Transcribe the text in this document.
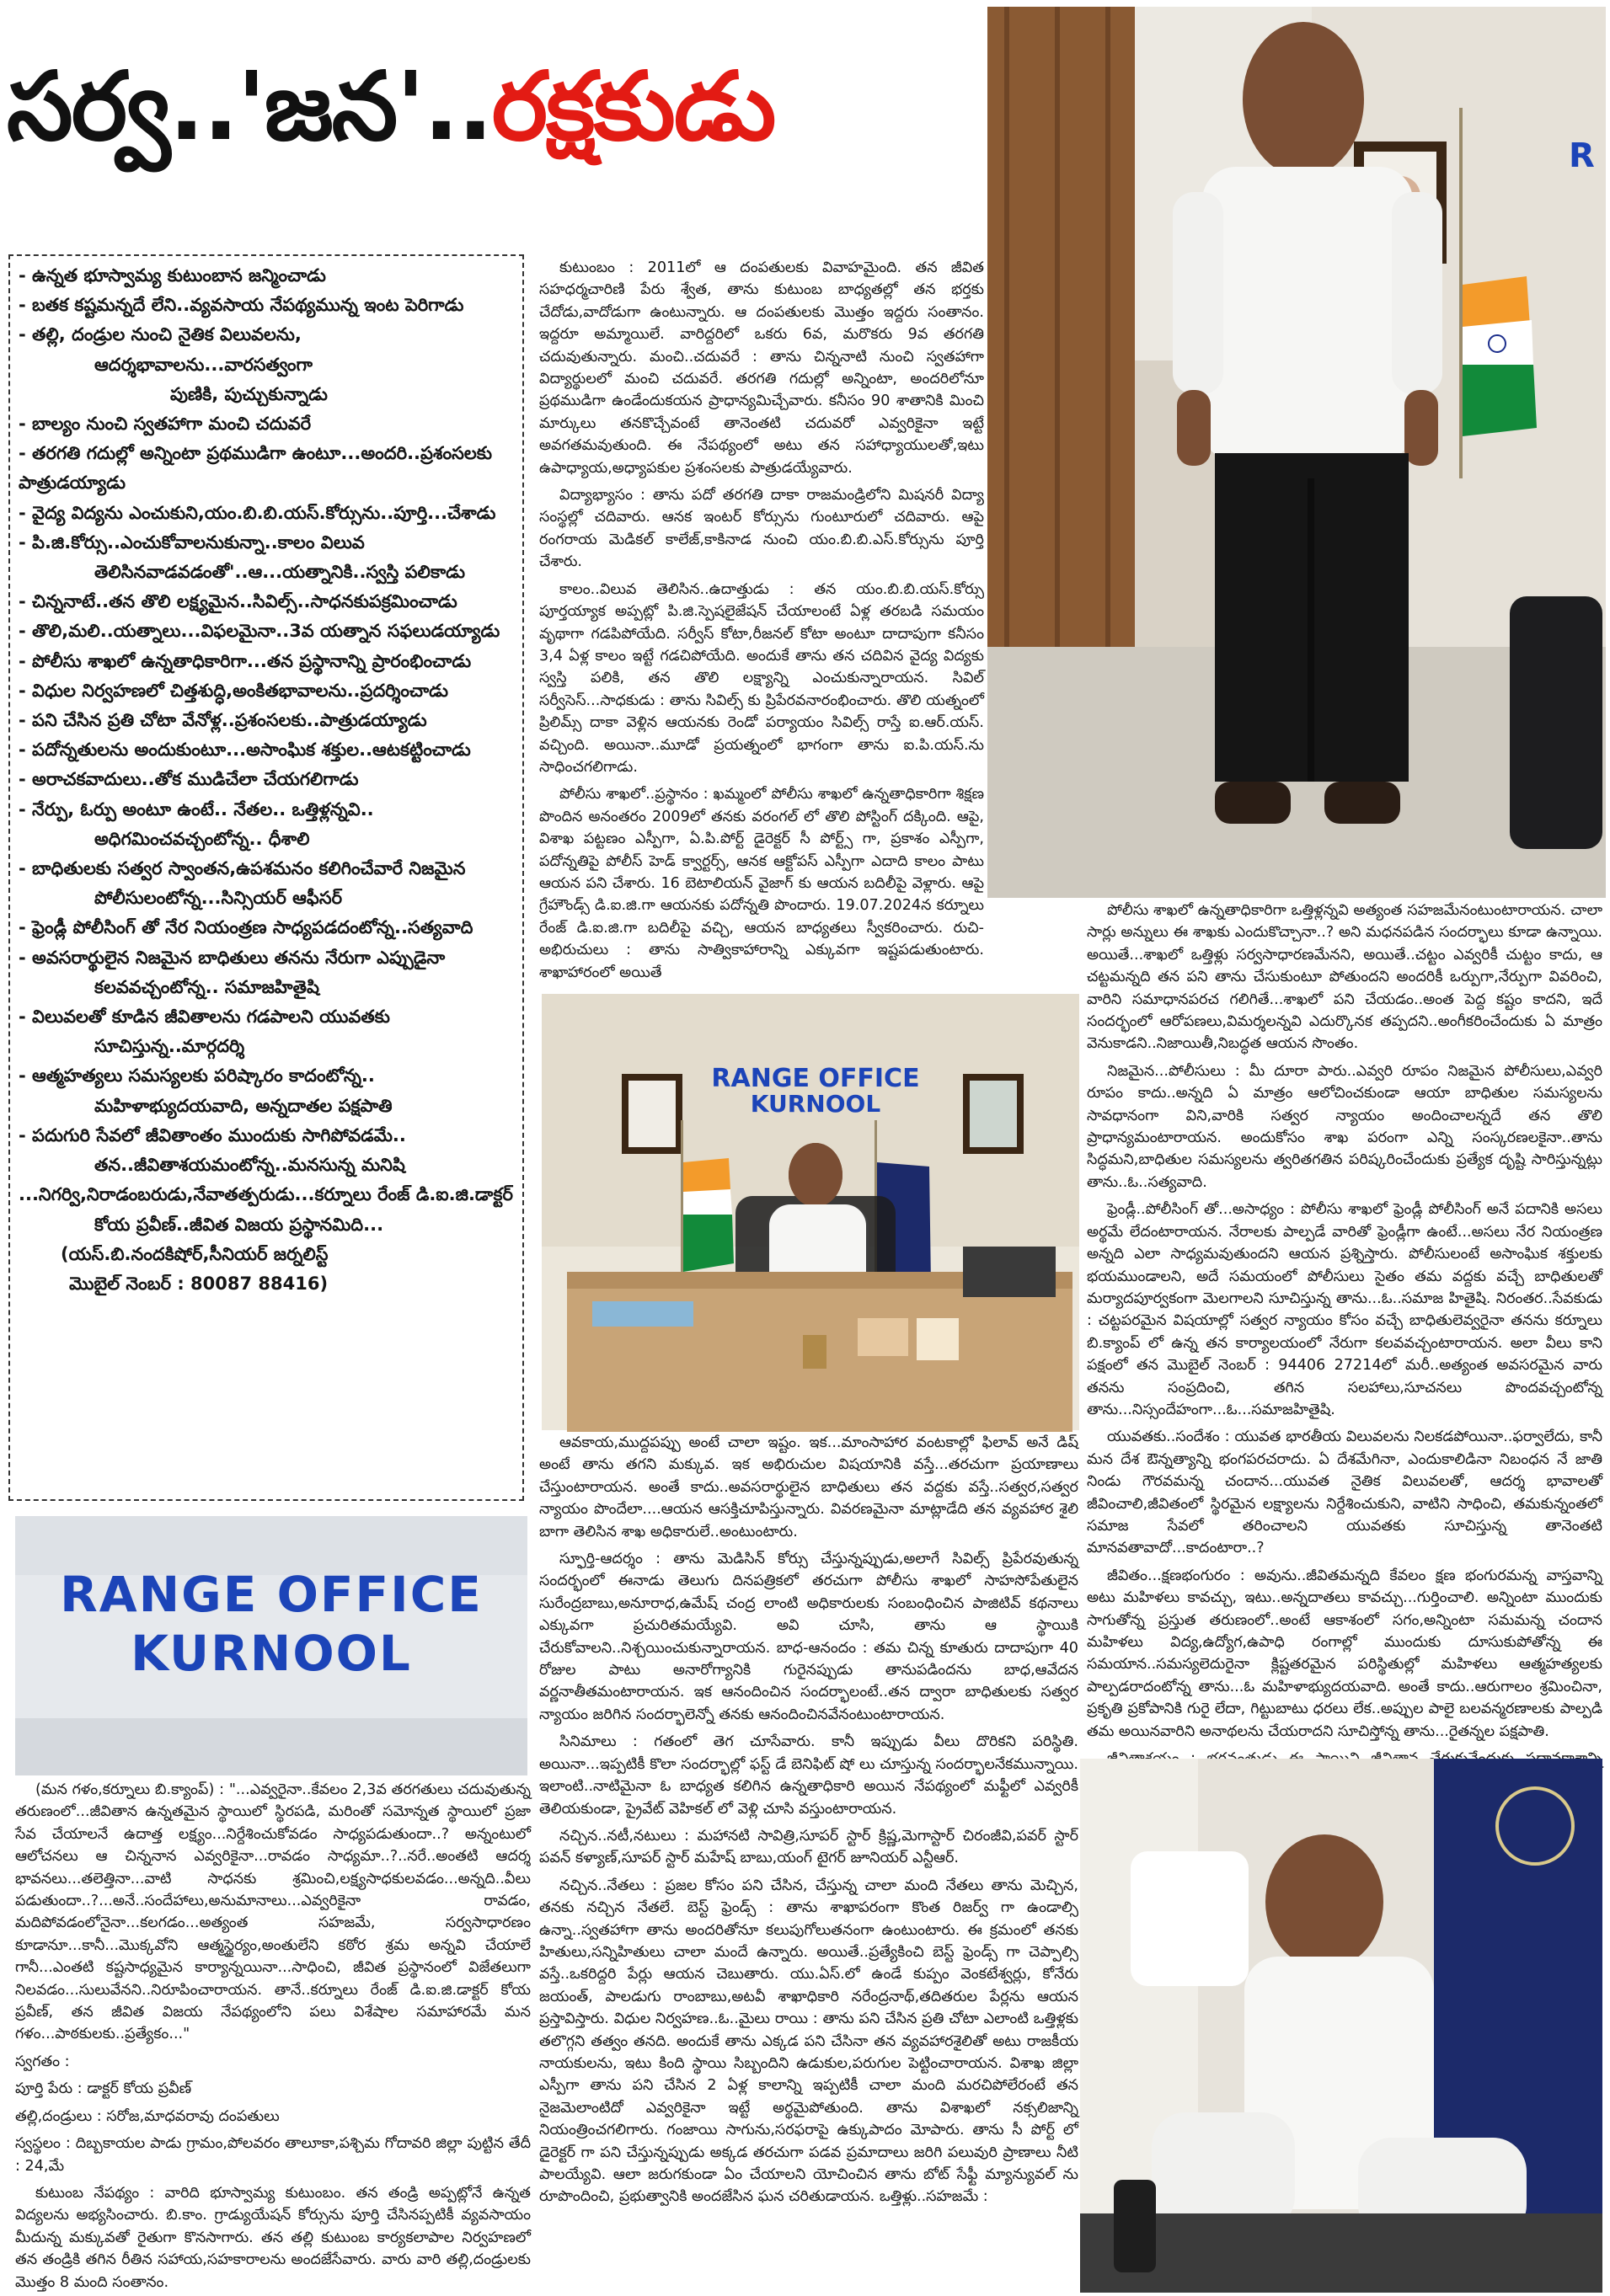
సర్వ..'జన'..రక్షకుడు	R

- ఉన్నత భూస్వామ్య కుటుంబాన జన్మించాడు

- బతక కష్టమన్నదే లేని..వ్యవసాయ నేపథ్యమున్న ఇంట పెరిగాడు

- తల్లి, దండ్రుల నుంచి నైతిక విలువలను,

ఆదర్శభావాలను...వారసత్వంగా

పుణికి, పుచ్చుకున్నాడు

- బాల్యం నుంచి స్వతహాగా మంచి చదువరే

- తరగతి గదుల్లో అన్నింటా ప్రథముడిగా ఉంటూ...అందరి..ప్రశంసలకు

పాత్రుడయ్యాడు

- వైద్య విద్యను ఎంచుకుని,యం.బి.బి.యస్.కోర్సును..పూర్తి...చేశాడు

- పి.జి.కోర్సు..ఎంచుకోవాలనుకున్నా..కాలం విలువ

తెలిసినవాడవడంతో'..ఆ...యత్నానికి..స్వస్తి పలికాడు

- చిన్ననాటే..తన తొలి లక్ష్యమైన..సివిల్స్..సాధనకుపక్రమించాడు

- తొలి,మలి..యత్నాలు...విఫలమైనా..3వ యత్నాన సఫలుడయ్యాడు

- పోలీసు శాఖలో ఉన్నతాధికారిగా...తన ప్రస్థానాన్ని ప్రారంభించాడు

- విధుల నిర్వహణలో చిత్తశుద్ధి,అంకితభావాలను..ప్రదర్శించాడు

- పని చేసిన ప్రతి చోటా వేనోళ్ల..ప్రశంసలకు..పాత్రుడయ్యాడు

- పదోన్నతులను అందుకుంటూ...అసాంఘిక శక్తుల..ఆటకట్టించాడు

- అరాచకవాదులు..తోక ముడిచేలా చేయగలిగాడు

- నేర్పు, ఓర్పు అంటూ ఉంటే.. నేతల.. ఒత్తిళ్లన్నవి..

అధిగమించవచ్చంటోన్న.. ధీశాలి

- బాధితులకు సత్వర స్వాంతన,ఉపశమనం కలిగించేవారే నిజమైన

పోలీసులంటోన్న...సిన్సియర్ ఆఫీసర్

- ఫ్రెండ్లీ పోలీసింగ్ తో నేర నియంత్రణ సాధ్యపడదంటోన్న..సత్యవాది

- అవసరార్థులైన నిజమైన బాధితులు తనను నేరుగా ఎప్పుడైనా

కలవవచ్చంటోన్న.. సమాజహితైషి

- విలువలతో కూడిన జీవితాలను గడపాలని యువతకు

సూచిస్తున్న..మార్గదర్శి

- ఆత్మహత్యలు సమస్యలకు పరిష్కారం కాదంటోన్న..

మహిళాభ్యుదయవాది, అన్నదాతల పక్షపాతి

- పదుగురి సేవలో జీవితాంతం ముందుకు సాగిపోవడమే..

తన..జీవితాశయమంటోన్న..మనసున్న మనిషి

...నిగర్వి,నిరాడంబరుడు,నేవాతత్పరుడు...కర్నూలు రేంజ్ డి.ఐ.జి.డాక్టర్

కోయ ప్రవీణ్..జీవిత విజయ ప్రస్థానమిది...

(యస్.బి.నందకిషోర్,సీనియర్ జర్నలిస్ట్

మొబైల్ నెంబర్ : 80087 88416)

కుటుంబం : 2011లో ఆ దంపతులకు వివాహమైంది. తన జీవిత సహధర్మచారిణి పేరు శ్వేత, తాను కుటుంబ బాధ్యతల్లో తన భర్తకు చేదోడు,వాదోడుగా ఉంటున్నారు. ఆ దంపతులకు మొత్తం ఇద్దరు సంతానం. ఇద్దరూ అమ్మాయిలే. వారిద్దరిలో ఒకరు 6వ, మరొకరు 9వ తరగతి చదువుతున్నారు. మంచి..చదువరే : తాను చిన్ననాటి నుంచి స్వతహాగా విద్యార్థులలో మంచి చదువరే. తరగతి గదుల్లో అన్నింటా, అందరిలోనూ ప్రథముడిగా ఉండేందుకయన ప్రాధాన్యమిచ్చేవారు. కనీసం 90 శాతానికి మించి మార్కులు తనకొచ్చేవంటే తానెంతటి చదువరో ఎవ్వరికైనా ఇట్టే అవగతమవుతుంది. ఈ నేపథ్యంలో అటు తన సహాధ్యాయులతో,ఇటు ఉపాధ్యాయ,అధ్యాపకుల ప్రశంసలకు పాత్రుడయ్యేవారు.

విద్యాభ్యాసం : తాను పదో తరగతి దాకా రాజమండ్రిలోని మిషనరీ విద్యా సంస్థల్లో చదివారు. ఆనక ఇంటర్ కోర్సును గుంటూరులో చదివారు. ఆపై రంగరాయ మెడికల్ కాలేజ్,కాకినాడ నుంచి యం.బి.బి.ఎస్.కోర్సును పూర్తి చేశారు.

కాలం..విలువ తెలిసిన..ఉదాత్తుడు : తన యం.బి.బి.యస్.కోర్సు పూర్తయ్యాక అప్పట్లో పి.జి.స్పెషలైజేషన్ చేయాలంటే ఏళ్ల తరబడి సమయం వృథాగా గడపిపోయేది. సర్వీస్ కోటా,రీజనల్ కోటా అంటూ దాదాపుగా కనీసం 3,4 ఏళ్ల కాలం ఇట్టే గడచిపోయేది. అందుకే తాను తన చదివిన వైద్య విద్యకు స్వస్తి పలికి, తన తొలి లక్ష్యాన్ని ఎంచుకున్నారాయన. సివిల్ సర్వీసెస్...సాధకుడు : తాను సివిల్స్ కు ప్రిపేరవనారంభించారు. తొలి యత్నంలో ప్రిలిమ్స్ దాకా వెళ్లిన ఆయనకు రెండో పర్యాయం సివిల్స్ రాస్తే ఐ.ఆర్.యస్. వచ్చింది. అయినా..మూడో ప్రయత్నంలో భాగంగా తాను ఐ.పి.యస్.ను సాధించగలిగాడు.

పోలీసు శాఖలో..ప్రస్థానం : ఖమ్మంలో పోలీసు శాఖలో ఉన్నతాధికారిగా శిక్షణ పొందిన అనంతరం 2009లో తనకు వరంగల్ లో తొలి పోస్టింగ్ దక్కింది. ఆపై, విశాఖ పట్టణం ఎస్పీగా, ఏ.పి.పోర్ట్ డైరెక్టర్ సీ పోర్ట్స్ గా, ప్రకాశం ఎస్పీగా, పదోన్నతిపై పోలీస్ హెడ్ క్వార్టర్స్, ఆనక ఆక్టోపస్ ఎస్పీగా ఎదాది కాలం పాటు ఆయన పని చేశారు. 16 బెటాలియన్ వైజాగ్ కు ఆయన బదిలీపై వెళ్లారు. ఆపై గ్రేహౌండ్స్ డి.ఐ.జి.గా ఆయనకు పదోన్నతి పొందారు. 19.07.2024న కర్నూలు రేంజ్ డి.ఐ.జి.గా బదిలీపై వచ్చి, ఆయన బాధ్యతలు స్వీకరించారు. రుచి-అభిరుచులు : తాను సాత్వికాహారాన్ని ఎక్కువగా ఇష్టపడుతుంటారు. శాఖాహారంలో అయితే

RANGE OFFICE
KURNOOL

ఆవకాయ,ముద్దపప్పు అంటే చాలా ఇష్టం. ఇక...మాంసాహార వంటకాల్లో ఫిలావ్ అనే డిష్ అంటే తాను తగని మక్కువ. ఇక అభిరుచుల విషయానికి వస్తే...తరచుగా ప్రయాణాలు చేస్తుంటారాయన. అంతే కాదు..అవసరార్థులైన బాధితులు తన వద్దకు వస్తే..సత్వర,సత్వర న్యాయం పొందేలా....ఆయన ఆసక్తిచూపిస్తున్నారు. వివరణమైనా మాట్లాడేది తన వ్యవహార శైలి బాగా తెలిసిన శాఖ అధికారులే..అంటుంటారు.

స్ఫూర్తి-ఆదర్శం : తాను మెడిసిన్ కోర్సు చేస్తున్నప్పుడు,అలాగే సివిల్స్ ప్రిపేరవుతున్న సందర్భంలో ఈనాడు తెలుగు దినపత్రికలో తరచుగా పోలీసు శాఖలో సాహసోపేతులైన సురేంద్రబాబు,అనూరాధ,ఉమేష్ చంద్ర లాంటి అధికారులకు సంబంధించిన పాజిటివ్ కథనాలు ఎక్కువగా ప్రచురితమయ్యేవి. అవి చూసి, తాను ఆ స్థాయికి చేరుకోవాలని..నిశ్చయించుకున్నారాయన. బాధ-ఆనందం : తమ చిన్న కూతురు దాదాపుగా 40 రోజుల పాటు అనారోగ్యానికి గురైనప్పుడు తానుపడిందను బాధ,ఆవేదన వర్ణనాతీతమంటారాయన. ఇక ఆనందించిన సందర్భాలంటే..తన ద్వారా బాధితులకు సత్వర న్యాయం జరిగిన సందర్భాలెన్నో తనకు ఆనందించినవేనంటుంటారాయన.

సినిమాలు : గతంలో తెగ చూసేవారు. కానీ ఇప్పుడు వీలు దొరికని పరిస్థితి. అయినా...ఇప్పటికీ కొలా సందర్భాల్లో ఫస్ట్ డే బెనిఫిట్ షో లు చూస్తున్న సందర్భాలనేకమున్నాయి. ఇలాంటి..నాటిమైనా ఓ బాధ్యత కలిగిన ఉన్నతాధికారి అయిన నేపథ్యంలో మఫ్టీలో ఎవ్వరికీ తెలియకుండా, ప్రైవేట్ వెహికల్ లో వెళ్లి చూసి వస్తుంటారాయన.

నచ్చిన..నటీ,నటులు : మహానటి సావిత్రి,సూపర్ స్టార్ క్రిష్ణ,మెగాస్టార్ చిరంజీవి,పవర్ స్టార్ పవన్ కళ్యాణ్,సూపర్ స్టార్ మహేష్ బాబు,యంగ్ టైగర్ జూనియర్ ఎన్టీఆర్.

నచ్చిన..నేతలు : ప్రజల కోసం పని చేసిన, చేస్తున్న చాలా మంది నేతలు తాను మెచ్చిన, తనకు నచ్చిన నేతలే. బెస్ట్ ఫ్రెండ్స్ : తాను శాఖాపరంగా కొంత రిజర్వ్ గా ఉండాల్సి ఉన్నా..స్వతహాగా తాను అందరితోనూ కలుపుగోలుతనంగా ఉంటుంటారు. ఈ క్రమంలో తనకు హితులు,సన్నిహితులు చాలా మందే ఉన్నారు. అయితే..ప్రత్యేకించి బెస్ట్ ఫ్రెండ్స్ గా చెప్పాల్సి వస్తే..ఒకరిద్దరి పేర్లు ఆయన చెబుతారు. యు.ఏస్.లో ఉండే కుప్పం వెంకటేశ్వర్లు, కోనేరు జయంత్, పాలడుగు రాంబాబు,అటవీ శాఖాధికారి నరేంద్రనాథ్,తదితరుల పేర్లను ఆయన ప్రస్తావిస్తారు. విధుల నిర్వహణ..ఓ..మైలు రాయి : తాను పని చేసిన ప్రతి చోటా ఎలాంటి ఒత్తిళ్లకు తలొగ్గని తత్వం తనది. అందుకే తాను ఎక్కడ పని చేసినా తన వ్యవహారశైలితో అటు రాజకీయ నాయకులను, ఇటు కింది స్థాయి సిబ్బందిని ఉడుకుల,పరుగుల పెట్టించారాయన. విశాఖ జిల్లా ఎస్పీగా తాను పని చేసిన 2 ఏళ్ల కాలాన్ని ఇప్పటికీ చాలా మంది మరచిపోలేరంటే తన నైజమెలాంటిదో ఎవ్వరికైనా ఇట్టే అర్థమైపోతుంది. తాను విశాఖలో నక్సలిజాన్ని నియంత్రించగలిగారు. గంజాయి సాగును,సరఫరాపై ఉక్కుపాదం మోపారు. తాను సీ పోర్ట్ లో డైరెక్టర్ గా పని చేస్తున్నప్పుడు అక్కడ తరచుగా పడవ ప్రమాదాలు జరిగి పలువురి ప్రాణాలు నీటి పాలయ్యేవి. ఆలా జరుగకుండా ఏం చేయాలని యోచించిన తాను బోట్ సేఫ్టీ మ్యాన్యువల్ ను రూపొందించి, ప్రభుత్వానికి అందజేసిన ఘన చరితుడాయన. ఒత్తిళ్లు..సహజమే :

పోలీసు శాఖలో ఉన్నతాధికారిగా ఒత్తిళ్లన్నవి అత్యంత సహజమేనంటుంటారాయన. చాలా సార్లు అన్నులు ఈ శాఖకు ఎందుకొచ్చానా..? అని మధనపడిన సందర్భాలు కూడా ఉన్నాయి. అయితే...శాఖలో ఒత్తిళ్లు సర్వసాధారణమేనని, అయితే..చట్టం ఎవ్వరికీ చుట్టం కాదు, ఆ చట్టమన్నది తన పని తాను చేసుకుంటూ పోతుందని అందరికీ ఒర్పుగా,నేర్పుగా వివరించి, వారిని సమాధానపరచ గలిగితే...శాఖలో పని చేయడం..అంత పెద్ద కష్టం కాదని, ఇదే సందర్భంలో ఆరోపణలు,విమర్శలన్నవి ఎదుర్కొనక తప్పదని..అంగీకరించేందుకు ఏ మాత్రం వెనుకాడని..నిజాయితీ,నిబద్ధత ఆయన సొంతం.

నిజమైన...పోలీసులు : మీ దూరా పారు..ఎవ్వరి రూపం నిజమైన పోలీసులు,ఎవ్వరి రూపం కాదు..అన్నది ఏ మాత్రం ఆలోచించకుండా ఆయా బాధితుల సమస్యలను సావధానంగా విని,వారికి సత్వర న్యాయం అందించాలన్నదే తన తొలి ప్రాధాన్యమంటారాయన. అందుకోసం శాఖ పరంగా ఎన్ని సంస్కరణలకైనా..తాను సిద్ధమని,బాధితుల సమస్యలను త్వరితగతిన పరిష్కరించేందుకు ప్రత్యేక దృష్టి సారిస్తున్నట్లు తాను..ఓ..సత్యవాది.

ఫ్రెండ్లీ..పోలీసింగ్ తో...అసాధ్యం : పోలీసు శాఖలో ఫ్రెండ్లీ పోలీసింగ్ అనే పదానికి అసలు అర్థమే లేదంటారాయన. నేరాలకు పాల్పడే వారితో ఫ్రెండ్లీగా ఉంటే...అసలు నేర నియంత్రణ అన్నది ఎలా సాధ్యమవుతుందని ఆయన ప్రశ్నిస్తారు. పోలీసులంటే అసాంఘిక శక్తులకు భయముండాలని, అదే సమయంలో పోలీసులు సైతం తమ వద్దకు వచ్చే బాధితులతో మర్యాదపూర్వకంగా మెలగాలని సూచిస్తున్న తాను...ఓ..సమాజ హితైషి. నిరంతర..సేవకుడు : చట్టపరమైన విషయాల్లో సత్వర న్యాయం కోసం వచ్చే బాధితులెవ్వరైనా తనను కర్నూలు బి.క్యాంప్ లో ఉన్న తన కార్యాలయంలో నేరుగా కలవవచ్చంటారాయన. అలా వీలు కాని పక్షంలో తన మొబైల్ నెంబర్ : 94406 27214లో మరీ..అత్యంత అవసరమైన వారు తనను సంప్రదించి, తగిన సలహాలు,సూచనలు పొందవచ్చంటోన్న తాను...నిస్సందేహంగా...ఓ...సమాజహితైషి.

యువతకు..సందేశం : యువత భారతీయ విలువలను నిలకడపోయినా..ఫర్వాలేదు, కానీ మన దేశ ఔన్నత్యాన్ని భంగపరచరాదు. ఏ దేశమేగినా, ఎందుకాలిడినా నిబంధన నే జాతి నిండు గౌరవమన్న చందాన...యువత నైతిక విలువలతో, ఆదర్శ భావాలతో జీవించాలి,జీవితంలో స్థిరమైన లక్ష్యాలను నిర్దేశించుకుని, వాటిని సాధించి, తమకున్నంతలో సమాజ సేవలో తరించాలని యువతకు సూచిస్తున్న తానెంతటి మానవతావాదో...కాదంటారా..?

జీవితం...క్షణభంగురం : అవును..జీవితమన్నది కేవలం క్షణ భంగురమన్న వాస్తవాన్ని అటు మహిళలు కావచ్చు, ఇటు..అన్నదాతలు కావచ్చు...గుర్తించాలి. అన్నింటా ముందుకు సాగుతోన్న ప్రస్తుత తరుణంలో..అంటే ఆకాశంలో సగం,అన్నింటా సమమన్న చందాన మహిళలు విద్య,ఉద్యోగ,ఉపాధి రంగాల్లో ముందుకు దూసుకుపోతోన్న ఈ సమయాన..సమస్యలెదురైనా క్లిష్టతరమైన పరిస్థితుల్లో మహిళలు ఆత్మహత్యలకు పాల్పడరాదంటోన్న తాను...ఓ మహిళాభ్యుదయవాది. అంతే కాదు..ఆరుగాలం శ్రమించినా, ప్రకృతి ప్రకోపానికి గురై లేదా, గిట్టుబాటు ధరలు లేక..అప్పుల పాలై బలవన్మరణాలకు పాల్పడి తమ అయినవారిని అనాథలను చేయరాదని సూచిస్తోన్న తాను...రైతన్నల పక్షపాతి.

RANGE OFFICE
KURNOOL

(మన గళం,కర్నూలు బి.క్యాంప్) : "...ఎవ్వరైనా..కేవలం 2,3వ తరగతులు చదువుతున్న తరుణంలో...జీవితాన ఉన్నతమైన స్థాయిలో స్థిరపడి, మరింతో సమోన్నత స్థాయిలో ప్రజా సేవ చేయాలనే ఉదాత్త లక్ష్యం...నిర్దేశించుకోవడం సాధ్యపడుతుందా..? అన్నంటులో ఆలోచనలు ఆ చిన్ననాన ఎవ్వరికైనా...రావడం సాధ్యమా..?..నరే..అంతటి ఆదర్శ భావనలు...తలెత్తినా...వాటి సాధనకు శ్రమించి,లక్ష్యసాధకులవడం...అన్నది..వీలు పడుతుందా..?...అనే..సందేహాలు,అనుమానాలు...ఎవ్వరికైనా రావడం, మదిపోవడంలోనైనా...కలగడం...అత్యంత సహజమే, సర్వసాధారణం కూడానూ...కానీ...మొక్కవోని ఆత్మస్థైర్యం,అంతులేని కఠోర శ్రమ అన్నవి చేయాలే గానీ...ఎంతటి కష్టసాధ్యమైన కార్యాన్నయినా...సాధించి, జీవిత ప్రస్థానంలో విజేతలుగా నిలవడం...సులువేనని..నిరూపించారాయన. తానే..కర్నూలు రేంజ్ డి.ఐ.జి.డాక్టర్ కోయ ప్రవీణ్, తన జీవిత విజయ నేపథ్యంలోని పలు విశేషాల సమాహారమే మన గళం...పాఠకులకు..ప్రత్యేకం..."

స్వగతం :

పూర్తి పేరు : డాక్టర్ కోయ ప్రవీణ్

తల్లి,దండ్రులు : సరోజ,మాధవరావు దంపతులు

స్వస్థలం : దిబ్బకాయల పాడు గ్రామం,పోలవరం తాలూకా,పశ్చిమ గోదావరి జిల్లా పుట్టిన తేదీ : 24,మే

కుటుంబ నేపథ్యం : వారిది భూస్వామ్య కుటుంబం. తన తండ్రి అప్పట్లోనే ఉన్నత విద్యలను అభ్యసించారు. బి.కాం. గ్రాడ్యుయేషన్ కోర్సును పూర్తి చేసినప్పటికీ వ్యవసాయం మీదున్న మక్కువతో రైతుగా కొనసాగారు. తన తల్లి కుటుంబ కార్యకలాపాల నిర్వహణలో తన తండ్రికి తగిన రీతిన సహాయ,సహకారాలను అందజేసేవారు. వారు వారి తల్లి,దండ్రులకు మొత్తం 8 మంది సంతానం.
